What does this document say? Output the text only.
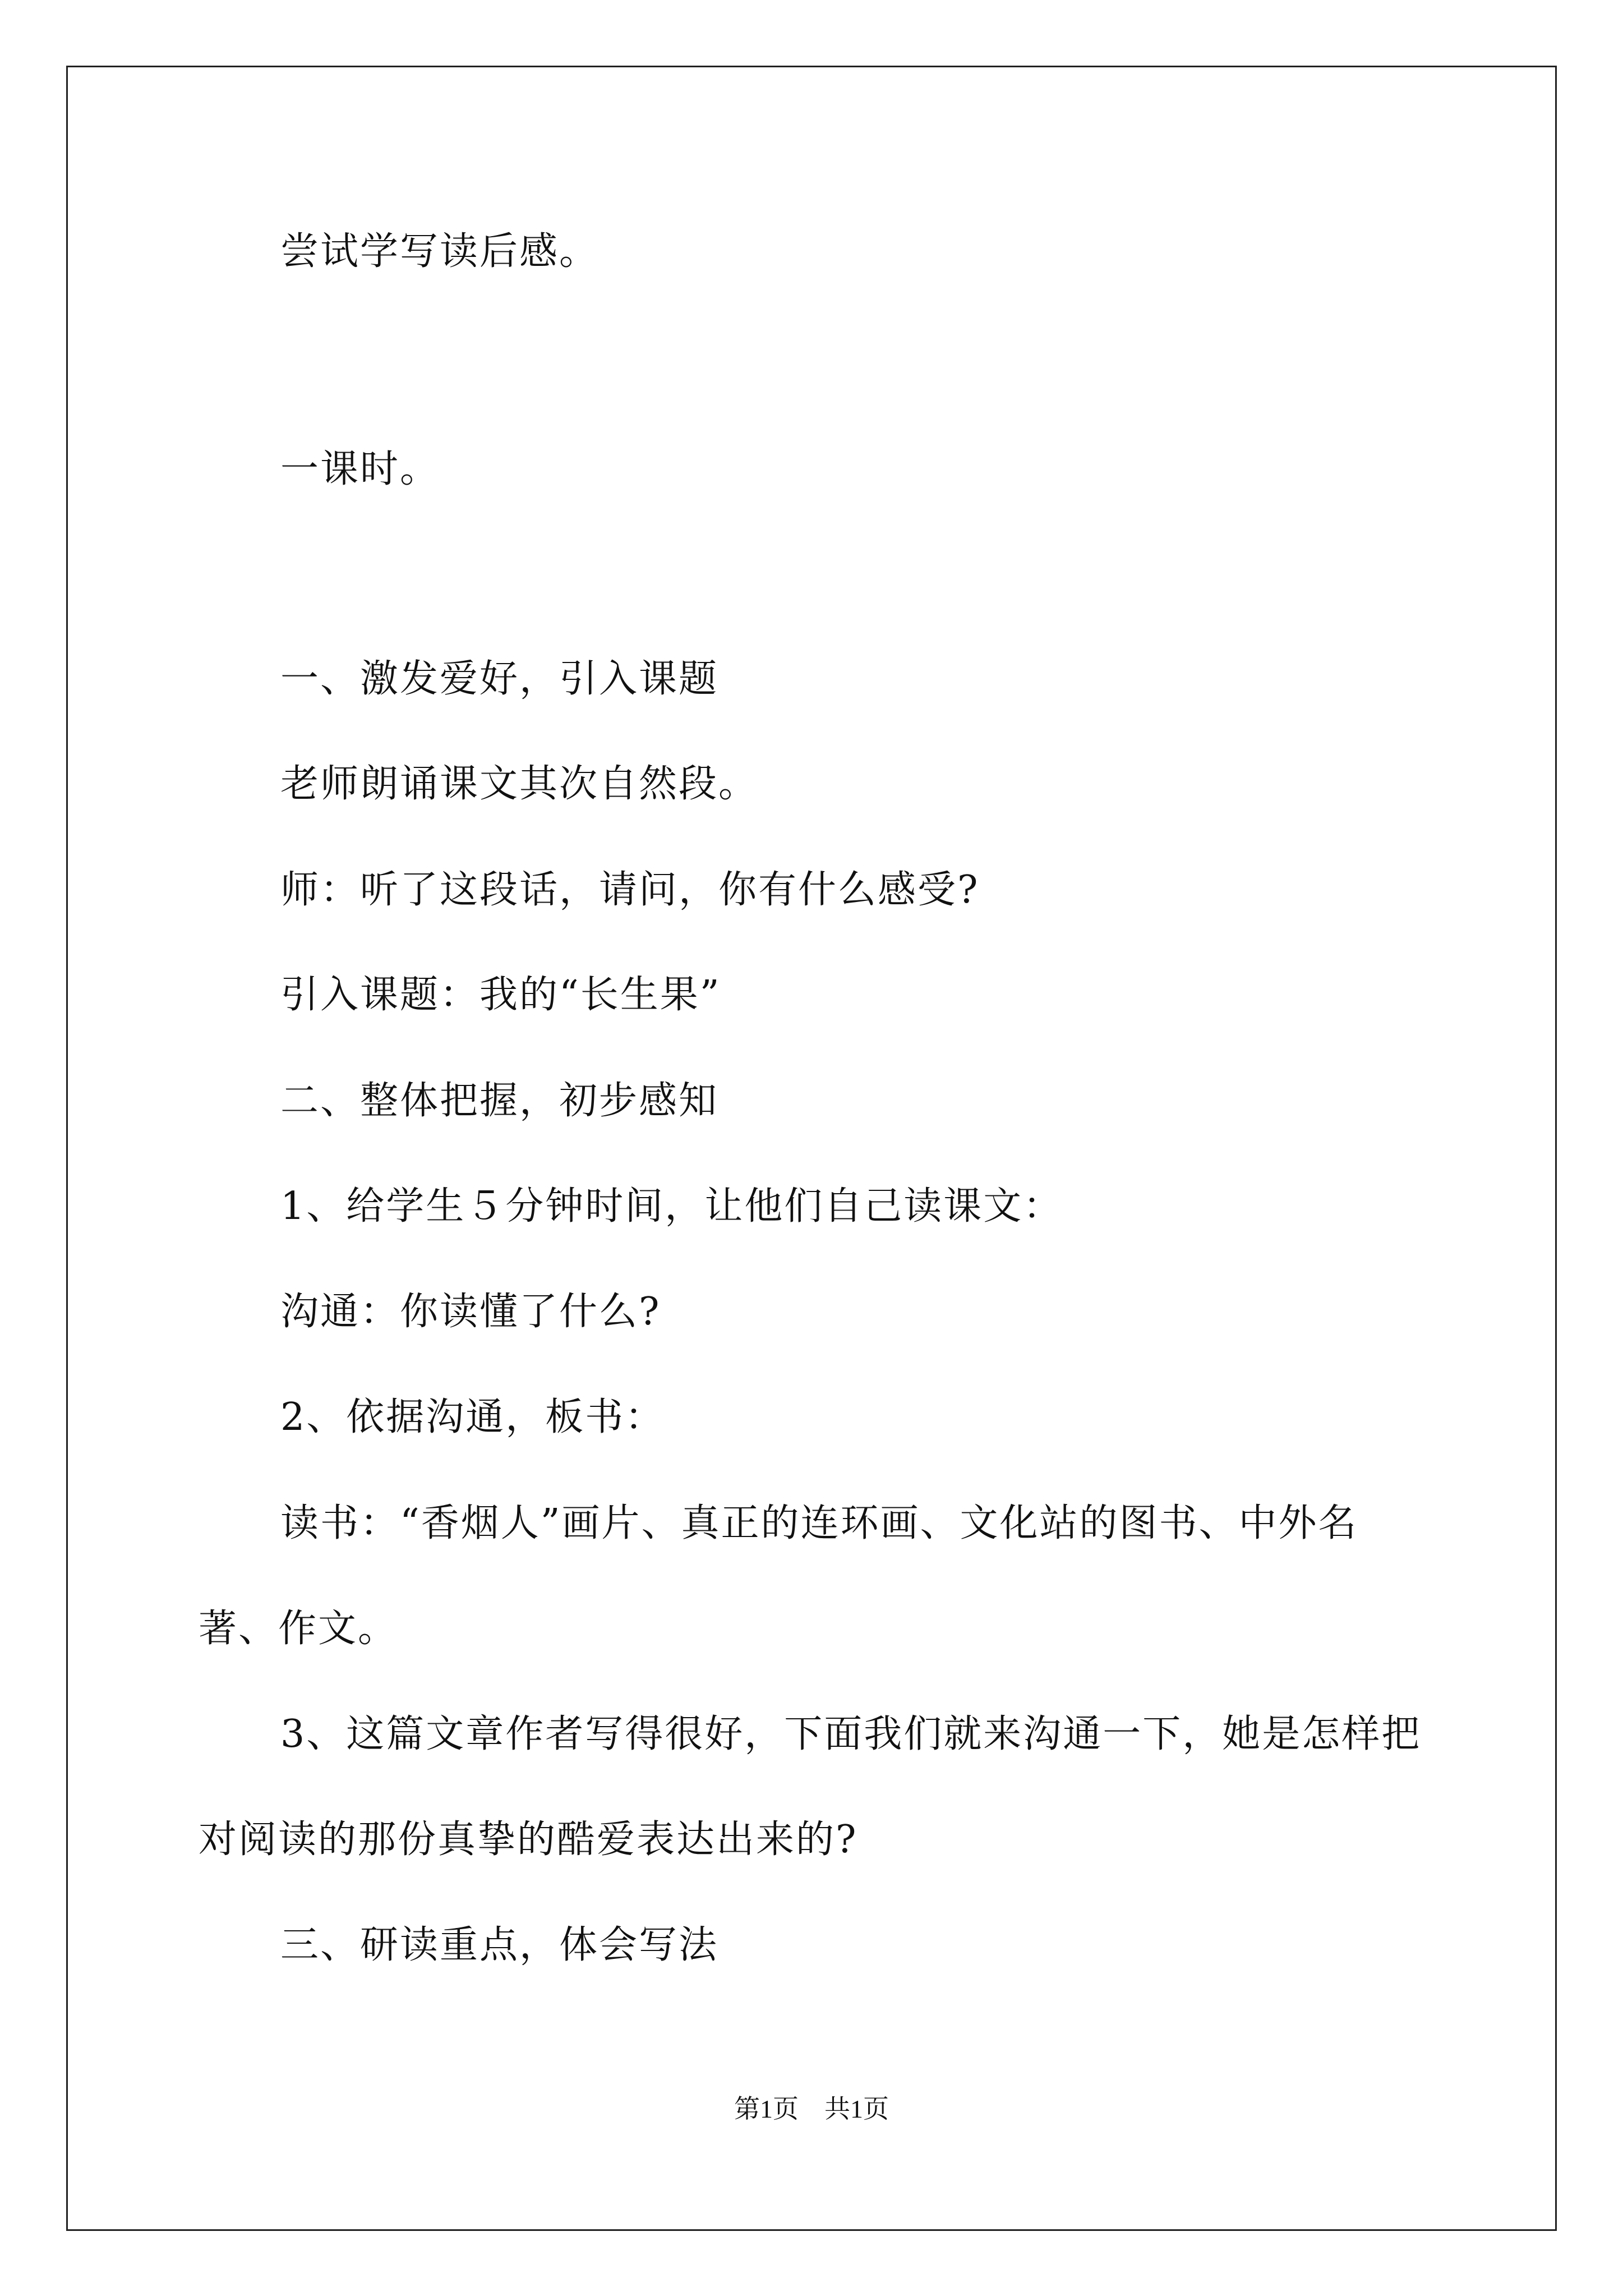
尝试学写读后感。
一课时。
一、激发爱好，引入课题
老师朗诵课文其次自然段。
师：听了这段话，请问，你有什么感受?
引入课题：我的“长生果”
二、整体把握，初步感知
1、给学生５分钟时间，让他们自己读课文：
沟通：你读懂了什么?
2、依据沟通，板书：
读书：“香烟人”画片、真正的连环画、文化站的图书、中外名
著、作文。
3、这篇文章作者写得很好，下面我们就来沟通一下，她是怎样把
对阅读的那份真挚的酷爱表达出来的?
三、研读重点，体会写法
第1页　共1页
